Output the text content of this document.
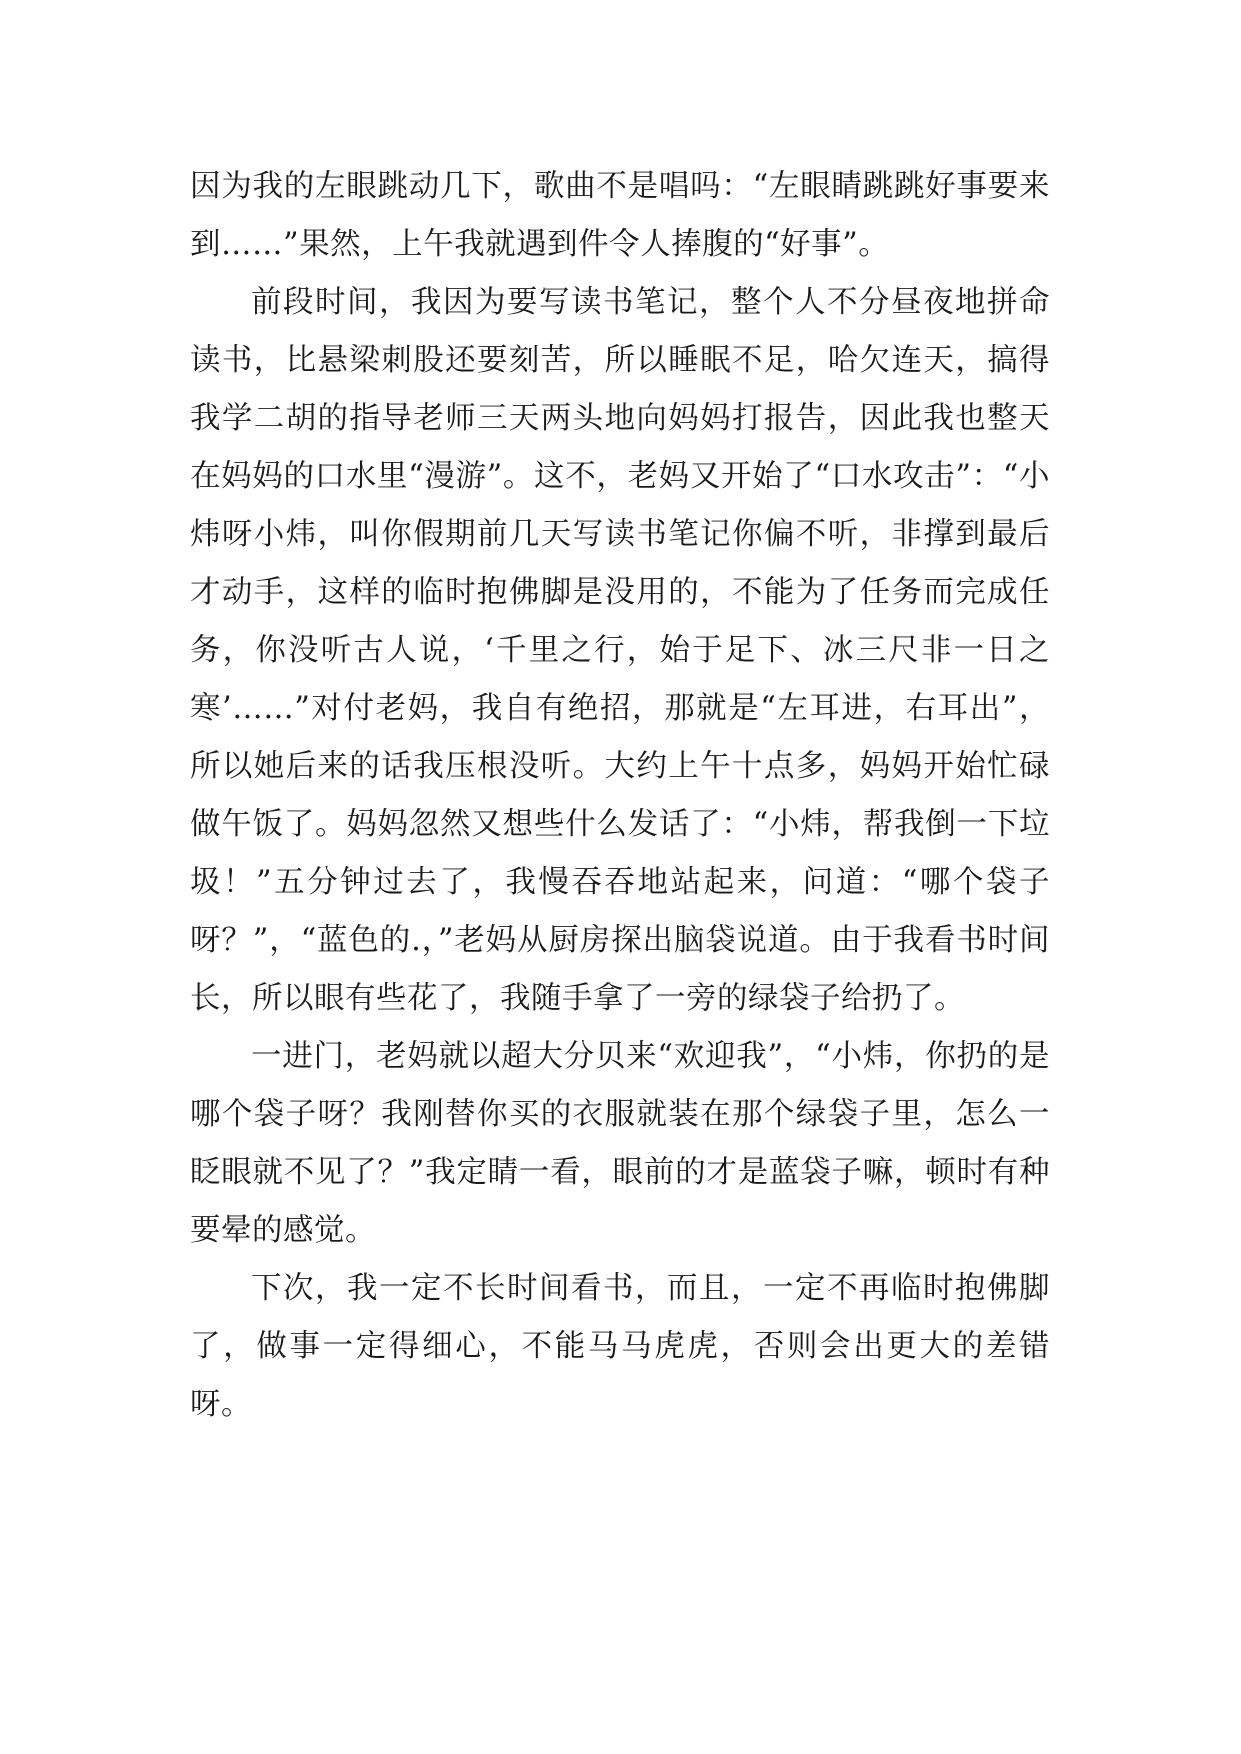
因为我的左眼跳动几下，歌曲不是唱吗：“左眼睛跳跳好事要来到……”果然，上午我就遇到件令人捧腹的“好事”。

前段时间，我因为要写读书笔记，整个人不分昼夜地拼命读书，比悬梁刺股还要刻苦，所以睡眠不足，哈欠连天，搞得我学二胡的指导老师三天两头地向妈妈打报告，因此我也整天在妈妈的口水里“漫游”。这不，老妈又开始了“口水攻击”：“小炜呀小炜，叫你假期前几天写读书笔记你偏不听，非撑到最后才动手，这样的临时抱佛脚是没用的，不能为了任务而完成任务，你没听古人说，‘千里之行，始于足下、冰三尺非一日之寒’……”对付老妈，我自有绝招，那就是“左耳进，右耳出”，所以她后来的话我压根没听。大约上午十点多，妈妈开始忙碌做午饭了。妈妈忽然又想些什么发话了：“小炜，帮我倒一下垃圾！”五分钟过去了，我慢吞吞地站起来，问道：“哪个袋子呀？”，“蓝色的.，”老妈从厨房探出脑袋说道。由于我看书时间长，所以眼有些花了，我随手拿了一旁的绿袋子给扔了。

一进门，老妈就以超大分贝来“欢迎我”，“小炜，你扔的是哪个袋子呀？我刚替你买的衣服就装在那个绿袋子里，怎么一眨眼就不见了？”我定睛一看，眼前的才是蓝袋子嘛，顿时有种要晕的感觉。

下次，我一定不长时间看书，而且，一定不再临时抱佛脚了，做事一定得细心，不能马马虎虎，否则会出更大的差错呀。
